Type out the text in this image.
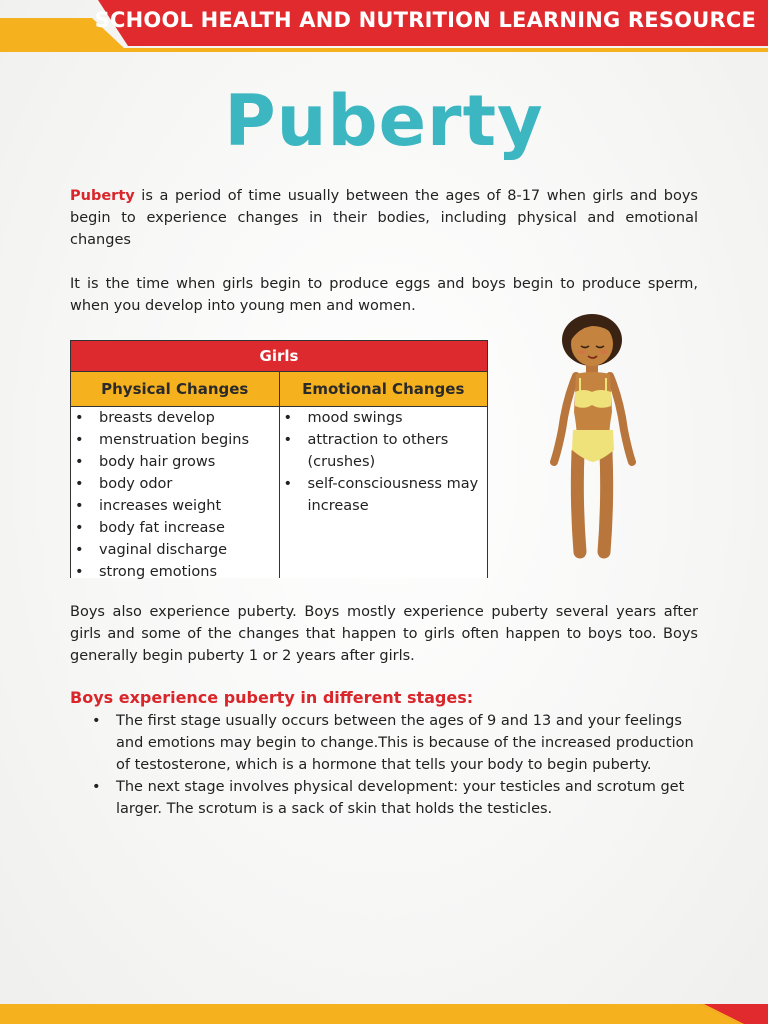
SCHOOL HEALTH AND NUTRITION LEARNING RESOURCE
Puberty

Puberty is a period of time usually between the ages of 8-17 when girls and boys begin to experience changes in their bodies, including physical and emotional changes

It is the time when girls begin to produce eggs and boys begin to produce sperm, when you develop into young men and women.

Girls
Physical Changes	Emotional Changes
• breasts develop
• menstruation begins
• body hair grows
• body odor
• increases weight
• body fat increase
• vaginal discharge
• strong emotions
• mood swings
• attraction to others (crushes)
• self-consciousness may increase

Boys also experience puberty. Boys mostly experience puberty several years after girls and some of the changes that happen to girls often happen to boys too. Boys generally begin puberty 1 or 2 years after girls.

Boys experience puberty in different stages:
• The first stage usually occurs between the ages of 9 and 13 and your feelings and emotions may begin to change.This is because of the increased production of testosterone, which is a hormone that tells your body to begin puberty.
• The next stage involves physical development: your testicles and scrotum get larger. The scrotum is a sack of skin that holds the testicles.
